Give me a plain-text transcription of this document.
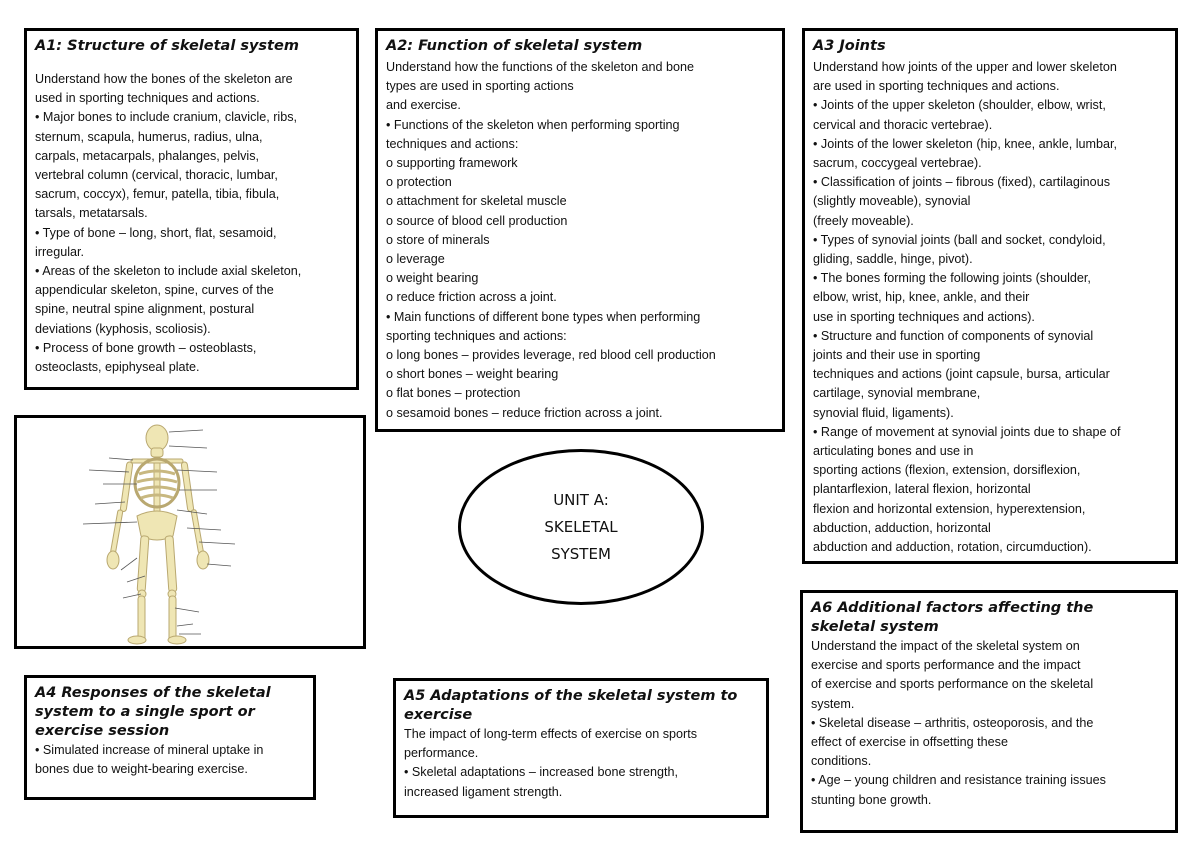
A1: Structure of skeletal system

Understand how the bones of the skeleton are

used in sporting techniques and actions.

• Major bones to include cranium, clavicle, ribs,

sternum, scapula, humerus, radius, ulna,

carpals, metacarpals, phalanges, pelvis,

vertebral column (cervical, thoracic, lumbar,

sacrum, coccyx), femur, patella, tibia, fibula,

tarsals, metatarsals.

• Type of bone – long, short, flat, sesamoid,

irregular.

• Areas of the skeleton to include axial skeleton,

appendicular skeleton, spine, curves of the

spine, neutral spine alignment, postural

deviations (kyphosis, scoliosis).

• Process of bone growth – osteoblasts,

osteoclasts, epiphyseal plate.

A2: Function of skeletal system

Understand how the functions of the skeleton and bone

types are used in sporting actions

and exercise.

• Functions of the skeleton when performing sporting

techniques and actions:

o supporting framework

o protection

o attachment for skeletal muscle

o source of blood cell production

o store of minerals

o leverage

o weight bearing

o reduce friction across a joint.

• Main functions of different bone types when performing

sporting techniques and actions:

o long bones – provides leverage, red blood cell production

o short bones – weight bearing

o flat bones – protection

o sesamoid bones – reduce friction across a joint.

A3 Joints

Understand how joints of the upper and lower skeleton

are used in sporting techniques and actions.

• Joints of the upper skeleton (shoulder, elbow, wrist,

cervical and thoracic vertebrae).

• Joints of the lower skeleton (hip, knee, ankle, lumbar,

sacrum, coccygeal vertebrae).

• Classification of joints – fibrous (fixed), cartilaginous

(slightly moveable), synovial

(freely moveable).

• Types of synovial joints (ball and socket, condyloid,

gliding, saddle, hinge, pivot).

• The bones forming the following joints (shoulder,

elbow, wrist, hip, knee, ankle, and their

use in sporting techniques and actions).

• Structure and function of components of synovial

joints and their use in sporting

techniques and actions (joint capsule, bursa, articular

cartilage, synovial membrane,

synovial fluid, ligaments).

• Range of movement at synovial joints due to shape of

articulating bones and use in

sporting actions (flexion, extension, dorsiflexion,

plantarflexion, lateral flexion, horizontal

flexion and horizontal extension, hyperextension,

abduction, adduction, horizontal

abduction and adduction, rotation, circumduction).

UNIT A:
SKELETAL
SYSTEM
A4 Responses of the skeletal
system to a single sport or
exercise session

• Simulated increase of mineral uptake in

bones due to weight-bearing exercise.

A5 Adaptations of the skeletal system to
exercise

The impact of long-term effects of exercise on sports

performance.

• Skeletal adaptations – increased bone strength,

increased ligament strength.

A6 Additional factors affecting the
skeletal system

Understand the impact of the skeletal system on

exercise and sports performance and the impact

of exercise and sports performance on the skeletal

system.

• Skeletal disease – arthritis, osteoporosis, and the

effect of exercise in offsetting these

conditions.

• Age – young children and resistance training issues

stunting bone growth.
